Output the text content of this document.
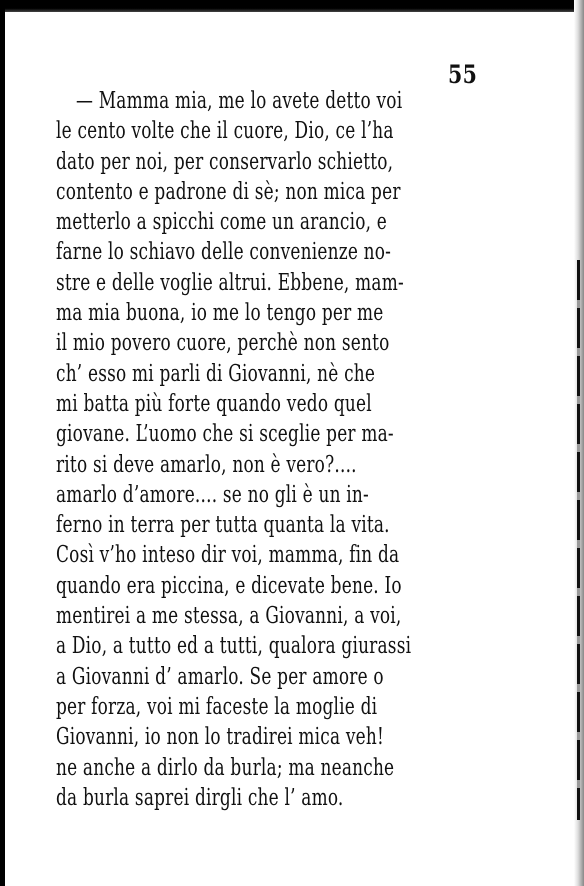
55
— Mamma mia, me lo avete detto voi
le cento volte che il cuore, Dio, ce l’ha
dato per noi, per conservarlo schietto,
contento e padrone di sè; non mica per
metterlo a spicchi come un arancio, e
farne lo schiavo delle convenienze no-
stre e delle voglie altrui. Ebbene, mam-
ma mia buona, io me lo tengo per me
il mio povero cuore, perchè non sento
ch’ esso mi parli di Giovanni, nè che
mi batta più forte quando vedo quel
giovane. L’uomo che si sceglie per ma-
rito si deve amarlo, non è vero?....
amarlo d’amore.... se no gli è un in-
ferno in terra per tutta quanta la vita.
Così v’ho inteso dir voi, mamma, fin da
quando era piccina, e dicevate bene. Io
mentirei a me stessa, a Giovanni, a voi,
a Dio, a tutto ed a tutti, qualora giurassi
a Giovanni d’ amarlo. Se per amore o
per forza, voi mi faceste la moglie di
Giovanni, io non lo tradirei mica veh!
ne anche a dirlo da burla; ma neanche
da burla saprei dirgli che l’ amo.
